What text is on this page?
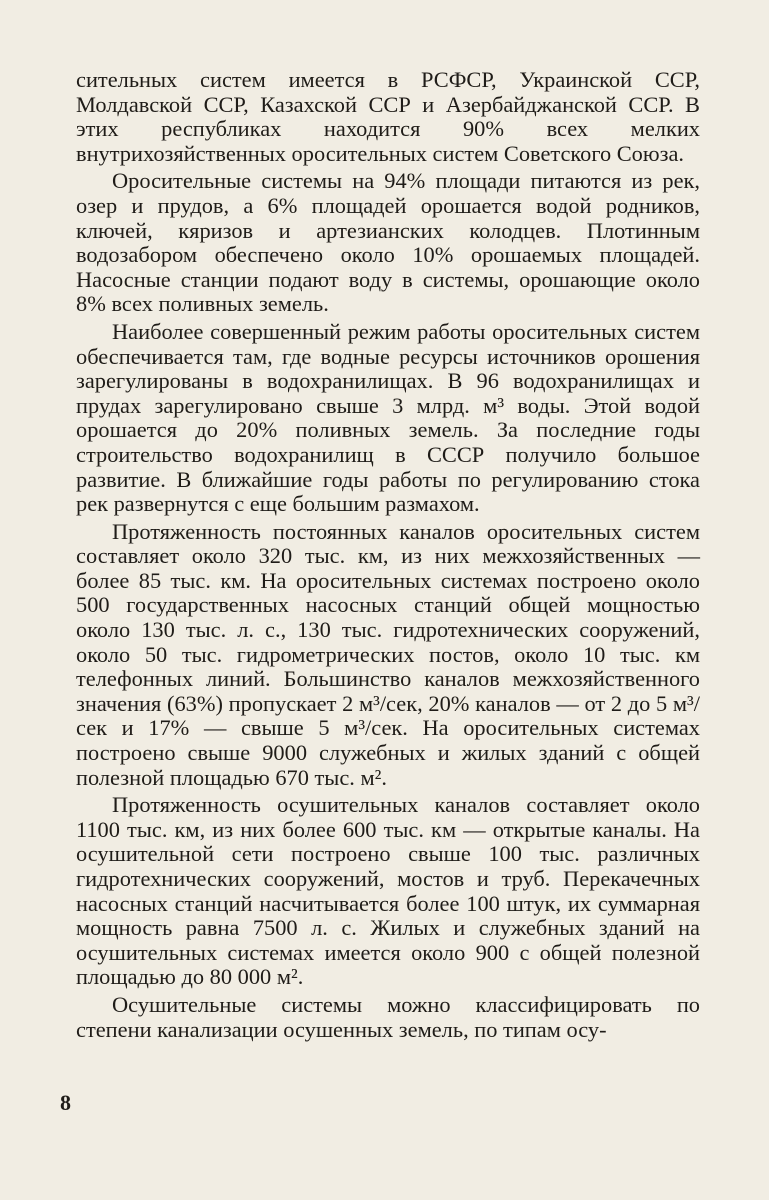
сительных систем имеется в РСФСР, Украинской ССР, Молдавской ССР, Казахской ССР и Азербайджанской ССР. В этих республиках находится 90% всех мелких внутрихозяйственных оросительных систем Советского Союза.

Оросительные системы на 94% площади питаются из рек, озер и прудов, а 6% площадей орошается водой родников, ключей, кяризов и артезианских колодцев. Плотинным водозабором обеспечено около 10% орошаемых площадей. Насосные станции подают воду в системы, орошающие около 8% всех поливных земель.

Наиболее совершенный режим работы оросительных систем обеспечивается там, где водные ресурсы источников орошения зарегулированы в водохранилищах. В 96 водохранилищах и прудах зарегулировано свыше 3 млрд. м³ воды. Этой водой орошается до 20% поливных земель. За последние годы строительство водохранилищ в СССР получило большое развитие. В ближайшие годы работы по регулированию стока рек развернутся с еще большим размахом.

Протяженность постоянных каналов оросительных систем составляет около 320 тыс. км, из них межхозяйственных — более 85 тыс. км. На оросительных системах построено около 500 государственных насосных станций общей мощностью около 130 тыс. л. с., 130 тыс. гидротехнических сооружений, около 50 тыс. гидрометрических постов, около 10 тыс. км телефонных линий. Большинство каналов межхозяйственного значения (63%) пропускает 2 м³/сек, 20% каналов — от 2 до 5 м³/сек и 17% — свыше 5 м³/сек. На оросительных системах построено свыше 9000 служебных и жилых зданий с общей полезной площадью 670 тыс. м².

Протяженность осушительных каналов составляет около 1100 тыс. км, из них более 600 тыс. км — открытые каналы. На осушительной сети построено свыше 100 тыс. различных гидротехнических сооружений, мостов и труб. Перекачечных насосных станций насчитывается более 100 штук, их суммарная мощность равна 7500 л. с. Жилых и служебных зданий на осушительных системах имеется около 900 с общей полезной площадью до 80 000 м².

Осушительные системы можно классифицировать по степени канализации осушенных земель, по типам осу-

8
